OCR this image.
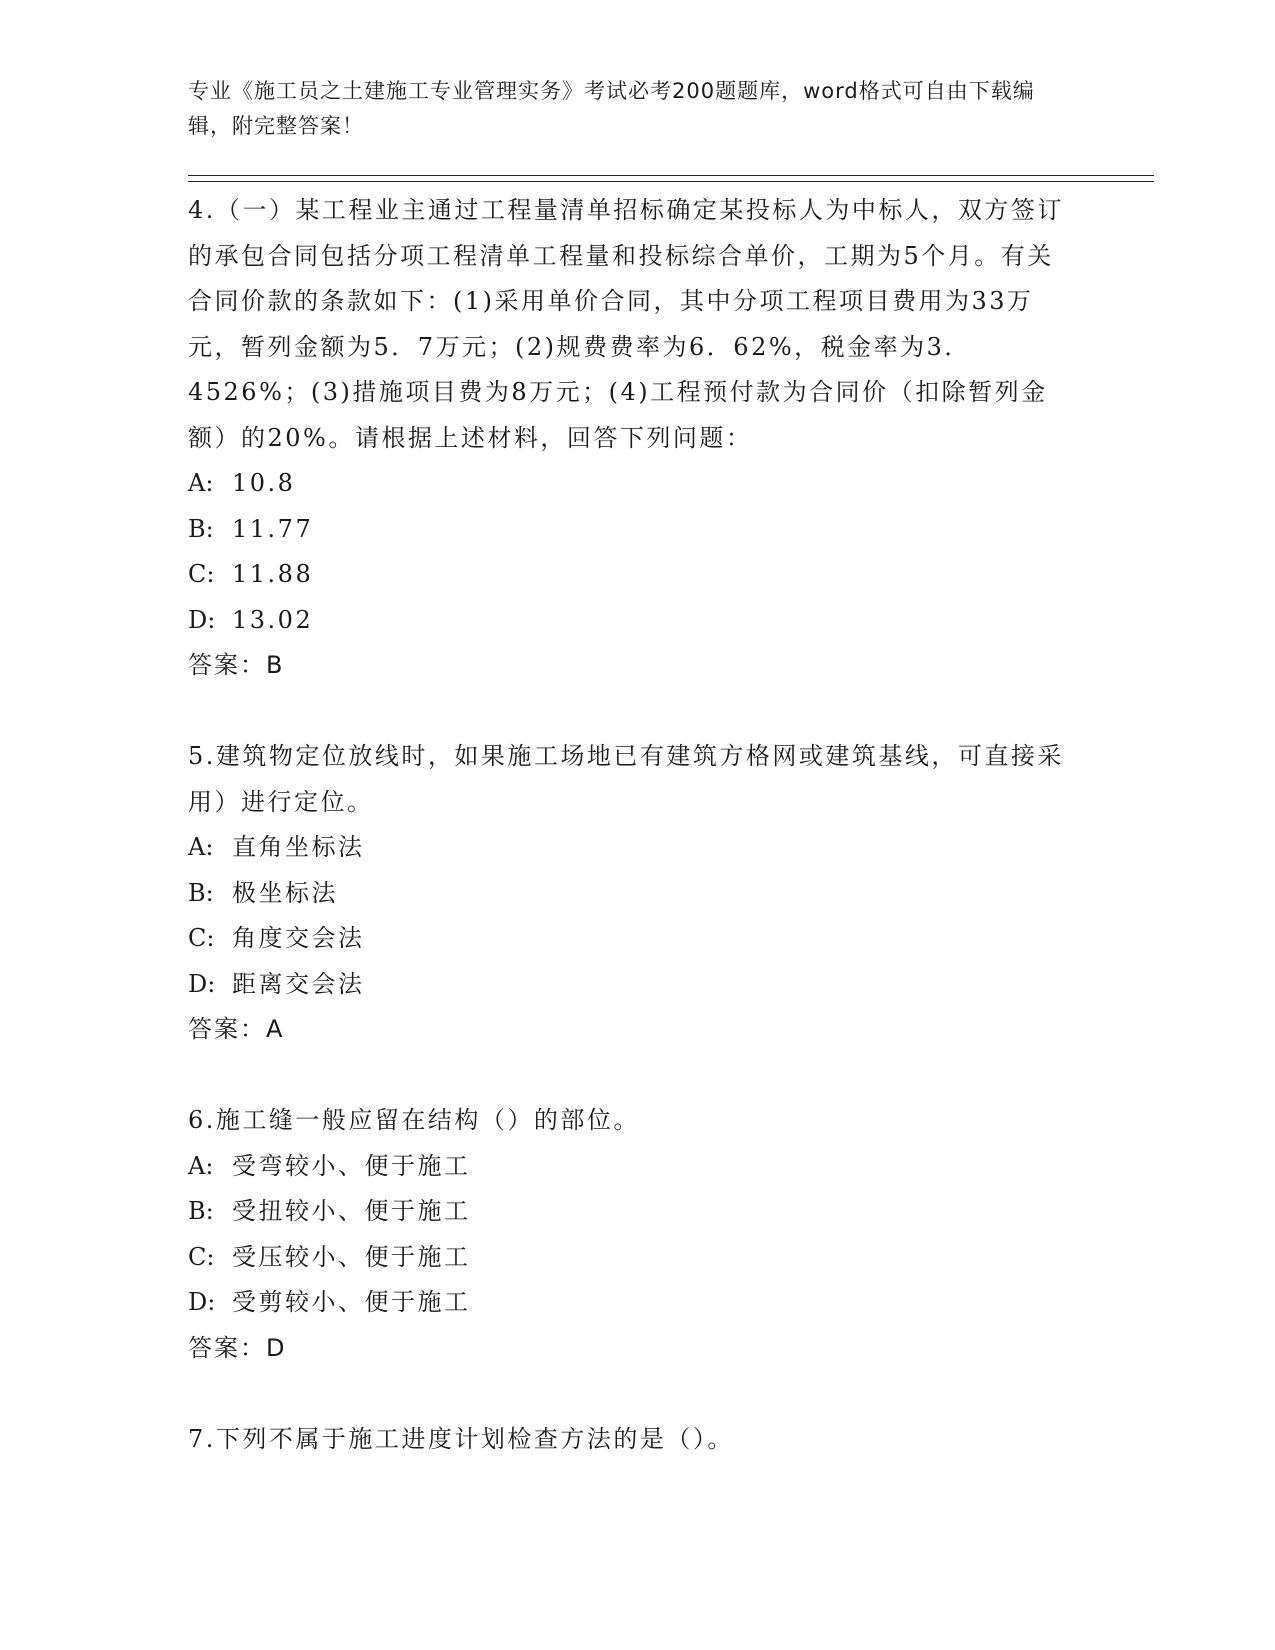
专业《施工员之土建施工专业管理实务》考试必考200题题库，word格式可自由下载编辑，附完整答案！

4.（一）某工程业主通过工程量清单招标确定某投标人为中标人，双方签订的承包合同包括分项工程清单工程量和投标综合单价，工期为5个月。有关合同价款的条款如下：(1)采用单价合同，其中分项工程项目费用为33万元，暂列金额为5．7万元；(2)规费费率为6．62%，税金率为3．4526%；(3)措施项目费为8万元；(4)工程预付款为合同价（扣除暂列金额）的20%。请根据上述材料，回答下列问题：

A: 10.8

B: 11.77

C: 11.88

D: 13.02

答案：B

5.建筑物定位放线时，如果施工场地已有建筑方格网或建筑基线，可直接采用）进行定位。

A: 直角坐标法

B: 极坐标法

C: 角度交会法

D: 距离交会法

答案：A

6.施工缝一般应留在结构（）的部位。

A: 受弯较小、便于施工

B: 受扭较小、便于施工

C: 受压较小、便于施工

D: 受剪较小、便于施工

答案：D

7.下列不属于施工进度计划检查方法的是（）。
